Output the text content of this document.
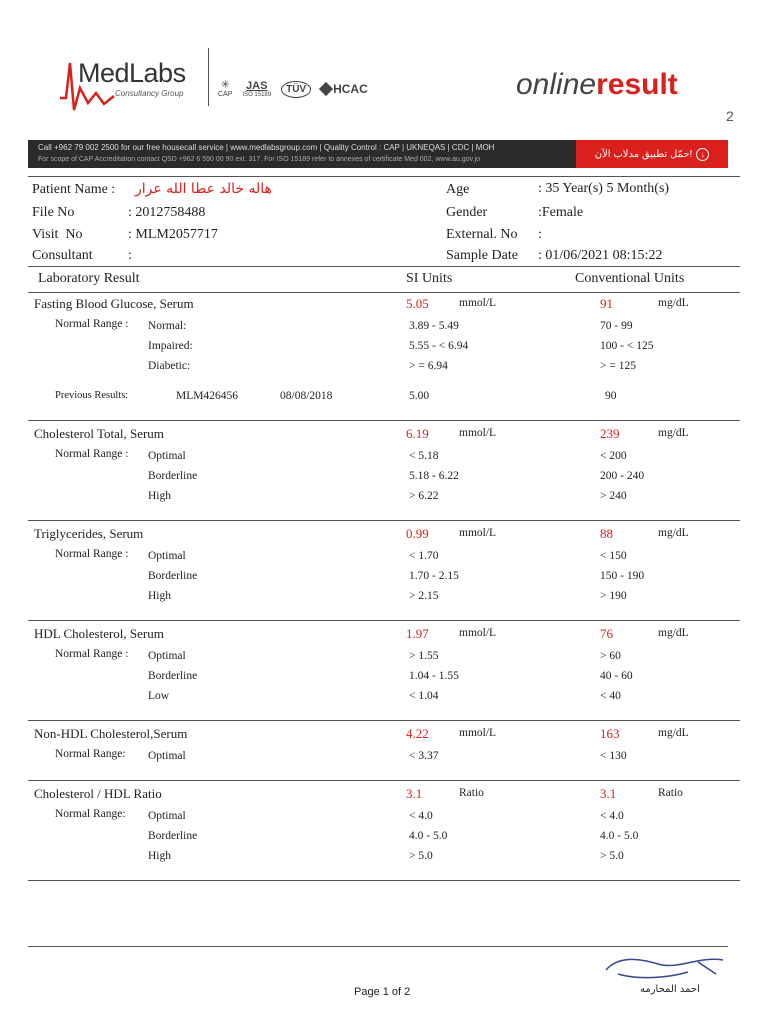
MedLabs
Consultancy Group
✳
CAP
JAS
ISO 15189	TÜV	HCAC	onlineresult
2
Call +962 79 002 2500 for our free housecall service | www.medlabsgroup.com | Quality Control : CAP | UKNEQAS | CDC | MOH
For scope of CAP Accreditation contact QSD +962 6 590 00 90 ext. 317. For ISO 15189 refer to annexes of certificate Med 002, www.au.gov.jo	حمّل تطبيق مدلاب الآن!	↓
Patient Name : هاله خالد عطا الله عرار
File No	: 2012758488
Visit  No	: MLM2057717
Consultant	:
Age	: 35 Year(s) 5 Month(s)
Gender	:Female
External. No :
Sample Date : 01/06/2021 08:15:22
Laboratory Result	SI Units	Conventional Units
Fasting Blood Glucose, Serum	5.05	mmol/L	91	mg/dL
Normal Range : Normal:	3.89 - 5.49	70 - 99
Impaired:	5.55 - < 6.94	100 - < 125
Diabetic:	> = 6.94	> = 125
Previous Results:	MLM426456	08/08/2018	5.00	90
Cholesterol Total, Serum	6.19	mmol/L	239	mg/dL
Normal Range : Optimal	< 5.18	< 200
Borderline	5.18 - 6.22	200 - 240
High	> 6.22	> 240
Triglycerides, Serum	0.99	mmol/L	88	mg/dL
Normal Range : Optimal	< 1.70	< 150
Borderline	1.70 - 2.15	150 - 190
High	> 2.15	> 190
HDL Cholesterol, Serum	1.97	mmol/L	76	mg/dL
Normal Range : Optimal	> 1.55	> 60
Borderline	1.04 - 1.55	40 - 60
Low	< 1.04	< 40
Non-HDL Cholesterol,Serum	4.22	mmol/L	163	mg/dL
Normal Range: Optimal	< 3.37	< 130
Cholesterol / HDL Ratio	3.1	Ratio	3.1	Ratio
Normal Range: Optimal	< 4.0	< 4.0
Borderline	4.0 - 5.0	4.0 - 5.0
High	> 5.0	> 5.0
Page 1 of 2	احمد المحارمه
